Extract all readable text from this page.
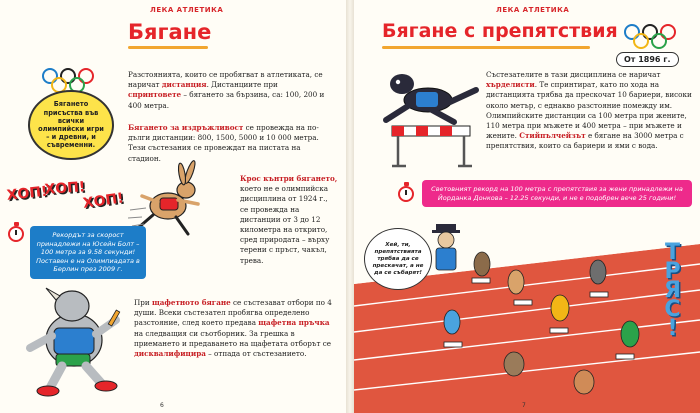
ЛЕКА АТЛЕТИКА
Бягане
Бягането присъства във всички олимпийски игри – и древни, и съвременни.
Разстоянията, които се пробягват в атлетиката, се наричат дистанция. Дистанциите при спринтовете – бягането за бързина, са: 100, 200 и 400 метра.
Бягането за издръжливост се провежда на по-дълги дистанции: 800, 1500, 5000 и 10 000 метра. Тези състезания се провеждат на пистата на стадион.
Крос кънтри бягането, което не е олимпийска дисциплина от 1924 г., се провежда на дистанции от 3 до 12 километра на открито, сред природата – върху терени с пръст, чакъл, трева.
ХОП!
ХОП!
ХОП!
Рекордът за скорост принадлежи на Юсейн Болт – 100 метра за 9.58 секунди! Поставен е на Олимпиадата в Берлин през 2009 г.
При щафетното бягане се състезават отбори по 4 души. Всеки състезател пробягва определено разстояние, след което предава щафетна пръчка на следващия си съотборник. За грешка в приемането и предаването на щафетата отборът се дисквалифицира – отпада от състезанието.
6
ЛЕКА АТЛЕТИКА
Бягане с препятствия
От 1896 г.
Състезателите в тази дисциплина се наричат хърделисти. Те спринтират, като по хода на дистанцията трябва да прескочат 10 бариери, високи около метър, с еднакво разстояние помежду им. Олимпийските дистанции са 100 метра при жените, 110 метра при мъжете и 400 метра – при мъжете и жените. Стийпълчейзът е бягане на 3000 метра с препятствия, които са бариери и ями с вода.
Световният рекорд на 100 метра с препятствия за жени принадлежи на Йорданка Донкова – 12.25 секунди, и не е подобрен вече 25 години!
Хей, ти, препятствията трябва да се прескачат, а не да се събарят!	ТРЯС!
7
